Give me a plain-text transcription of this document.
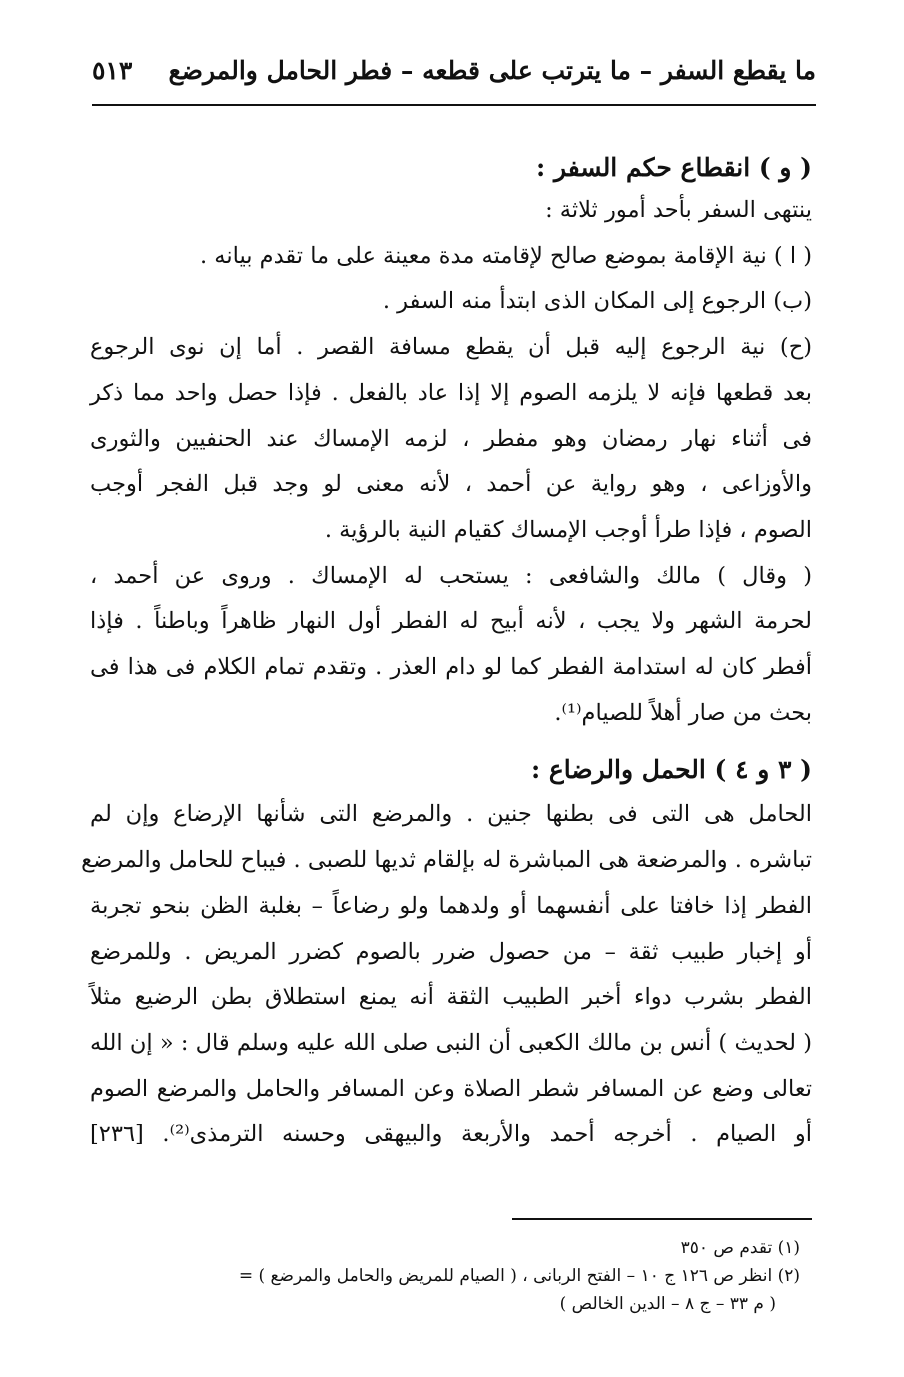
ما يقطع السفر – ما يترتب على قطعه – فطر الحامل والمرضع
٥١٣

( و ) انقطاع حكم السفر :

ينتهى السفر بأحد أمور ثلاثة :

( ا ) نية الإقامة بموضع صالح لإقامته مدة معينة على ما تقدم بيانه .

(ب) الرجوع إلى المكان الذى ابتدأ منه السفر .

(ح) نية الرجوع إليه قبل أن يقطع مسافة القصر . أما إن نوى الرجوع

بعد قطعها فإنه لا يلزمه الصوم إلا إذا عاد بالفعل . فإذا حصل واحد مما ذكر

فى أثناء نهار رمضان وهو مفطر ، لزمه الإمساك عند الحنفيين والثورى

والأوزاعى ، وهو رواية عن أحمد ، لأنه معنى لو وجد قبل الفجر أوجب

الصوم ، فإذا طرأ أوجب الإمساك كقيام النية بالرؤية .

( وقال ) مالك والشافعى : يستحب له الإمساك . وروى عن أحمد ،

لحرمة الشهر ولا يجب ، لأنه أبيح له الفطر أول النهار ظاهراً وباطناً . فإذا

أفطر كان له استدامة الفطر كما لو دام العذر . وتقدم تمام الكلام فى هذا فى

بحث من صار أهلاً للصيام⁽¹⁾.

( ٣ و ٤ ) الحمل والرضاع :

الحامل هى التى فى بطنها جنين . والمرضع التى شأنها الإرضاع وإن لم

تباشره . والمرضعة هى المباشرة له بإلقام ثديها للصبى . فيباح للحامل والمرضع

الفطر إذا خافتا على أنفسهما أو ولدهما ولو رضاعاً – بغلبة الظن بنحو تجربة

أو إخبار طبيب ثقة – من حصول ضرر بالصوم كضرر المريض . وللمرضع

الفطر بشرب دواء أخبر الطبيب الثقة أنه يمنع استطلاق بطن الرضيع مثلاً

( لحديث ) أنس بن مالك الكعبى أن النبى صلى الله عليه وسلم قال : « إن الله

تعالى وضع عن المسافر شطر الصلاة وعن المسافر والحامل والمرضع الصوم

أو الصيام . أخرجه أحمد والأربعة والبيهقى وحسنه الترمذى⁽²⁾. [٢٣٦]

(١) تقدم ص ٣٥٠

(٢) انظر ص ١٢٦ ج ١٠ – الفتح الربانى ، ( الصيام للمريض والحامل والمرضع ) =

( م ٣٣ – ج ٨ – الدين الخالص )
